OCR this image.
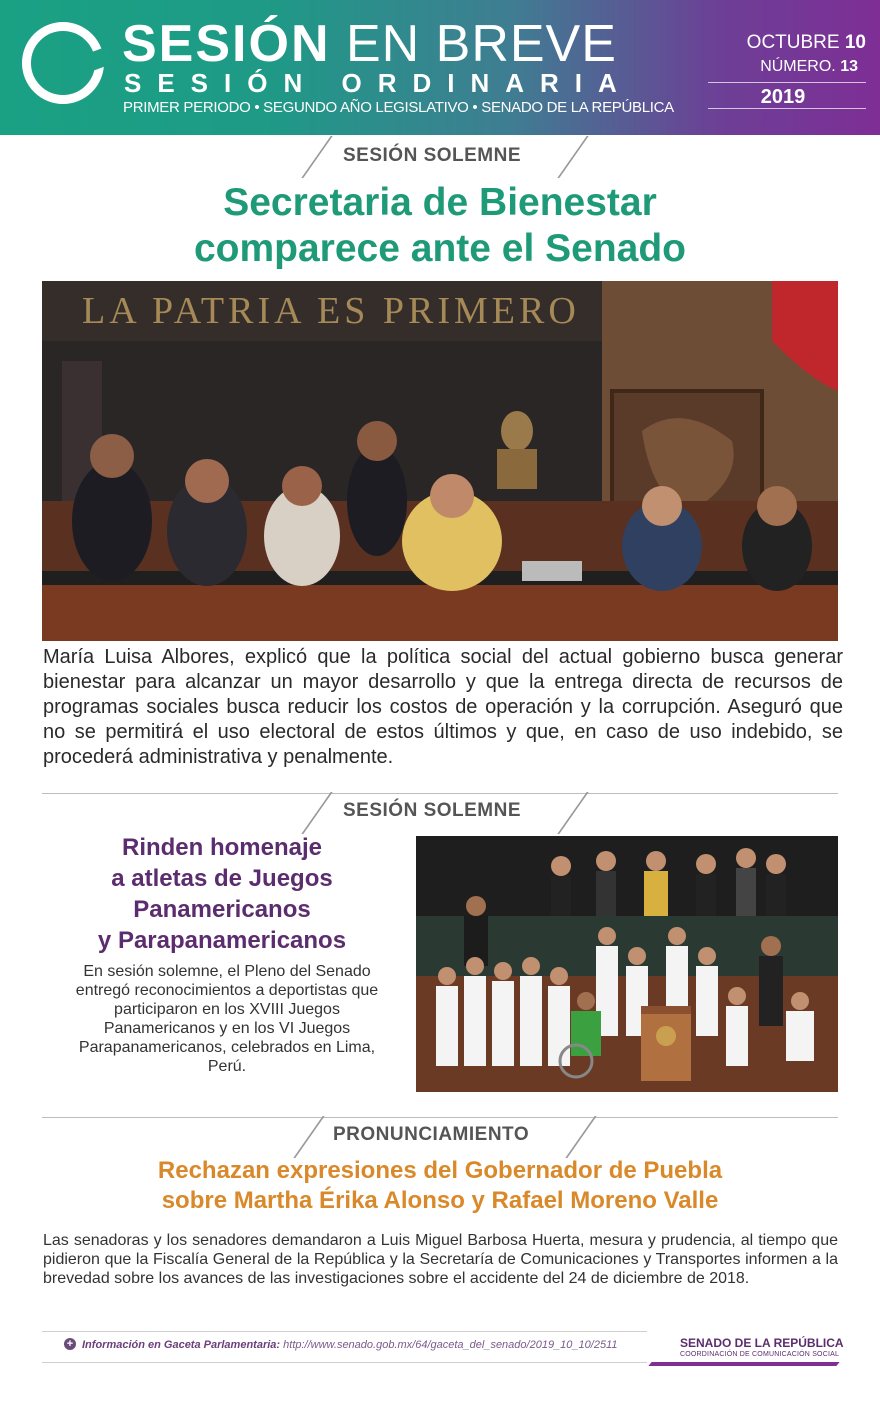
SESIÓN EN BREVE
SESIÓN ORDINARIA
PRIMER PERIODO • SEGUNDO AÑO LEGISLATIVO • SENADO DE LA REPÚBLICA
OCTUBRE 10
NÚMERO. 13
2019
SESIÓN SOLEMNE
Secretaria de Bienestar
comparece ante el Senado
LA PATRIA ES PRIMERO
María Luisa Albores, explicó que la política social del actual gobierno busca generar bienestar para alcanzar un mayor desarrollo y que la entrega directa de recursos de programas sociales busca reducir los costos de operación y la corrupción. Aseguró que no se permitirá el uso electoral de estos últimos y que, en caso de uso indebido, se procederá administrativa y penalmente.
SESIÓN SOLEMNE
Rinden homenaje
a atletas de Juegos
Panamericanos
y Parapanamericanos
En sesión solemne, el Pleno del Senado entregó reconocimientos a deportistas que participaron en los XVIII Juegos Panamericanos y en los VI Juegos Parapanamericanos, celebrados en Lima, Perú.
PRONUNCIAMIENTO
Rechazan expresiones del Gobernador de Puebla
sobre Martha Érika Alonso y Rafael Moreno Valle
Las senadoras y los senadores demandaron a Luis Miguel Barbosa Huerta, mesura y prudencia, al tiempo que pidieron que la Fiscalía General de la República y la Secretaría de Comunicaciones y Transportes informen a la brevedad sobre los avances de las investigaciones sobre el accidente del 24 de diciembre de 2018.
+ Información en Gaceta Parlamentaria: http://www.senado.gob.mx/64/gaceta_del_senado/2019_10_10/2511	SENADO DE LA REPÚBLICA
COORDINACIÓN DE COMUNICACIÓN SOCIAL
